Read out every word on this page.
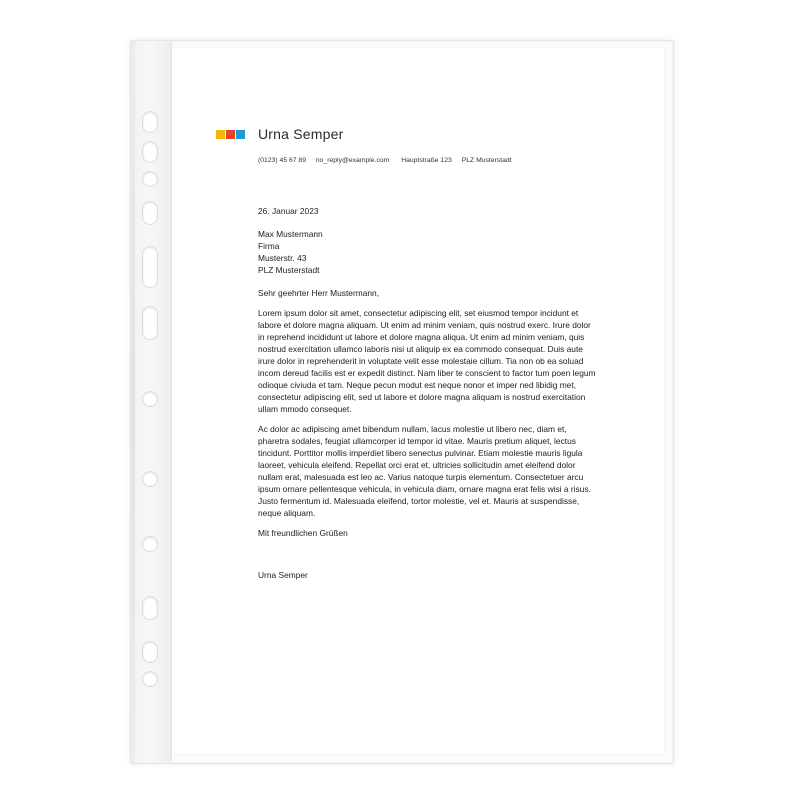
Urna Semper
(0123) 45 67 89 no_reply@example.com Hauptstraße 123 PLZ Musterstadt

26. Januar 2023

Max Mustermann

Firma

Musterstr. 43

PLZ Musterstadt

Sehr geehrter Herr Mustermann,

Lorem ipsum dolor sit amet, consectetur adipiscing elit, set eiusmod tempor incidunt et labore et dolore magna aliquam. Ut enim ad minim veniam, quis nostrud exerc. Irure dolor in reprehend incididunt ut labore et dolore magna aliqua. Ut enim ad minim veniam, quis nostrud exercitation ullamco laboris nisi ut aliquip ex ea commodo consequat. Duis aute irure dolor in reprehenderit in voluptate velit esse molestaie cillum. Tia non ob ea soluad incom dereud facilis est er expedit distinct. Nam liber te conscient to factor tum poen legum odioque civiuda et tam. Neque pecun modut est neque nonor et imper ned libidig met, consectetur adipiscing elit, sed ut labore et dolore magna aliquam is nostrud exercitation ullam mmodo consequet.

Ac dolor ac adipiscing amet bibendum nullam, lacus molestie ut libero nec, diam et, pharetra sodales, feugiat ullamcorper id tempor id vitae. Mauris pretium aliquet, lectus tincidunt. Porttitor mollis imperdiet libero senectus pulvinar. Etiam molestie mauris ligula laoreet, vehicula eleifend. Repellat orci erat et, ultricies sollicitudin amet eleifend dolor nullam erat, malesuada est leo ac. Varius natoque turpis elementum. Consectetuer arcu ipsum ornare pellentesque vehicula, in vehicula diam, ornare magna erat felis wisi a risus. Justo fermentum id. Malesuada eleifend, tortor molestie, vel et. Mauris at suspendisse, neque aliquam.

Mit freundlichen Grüßen

Urna Semper
